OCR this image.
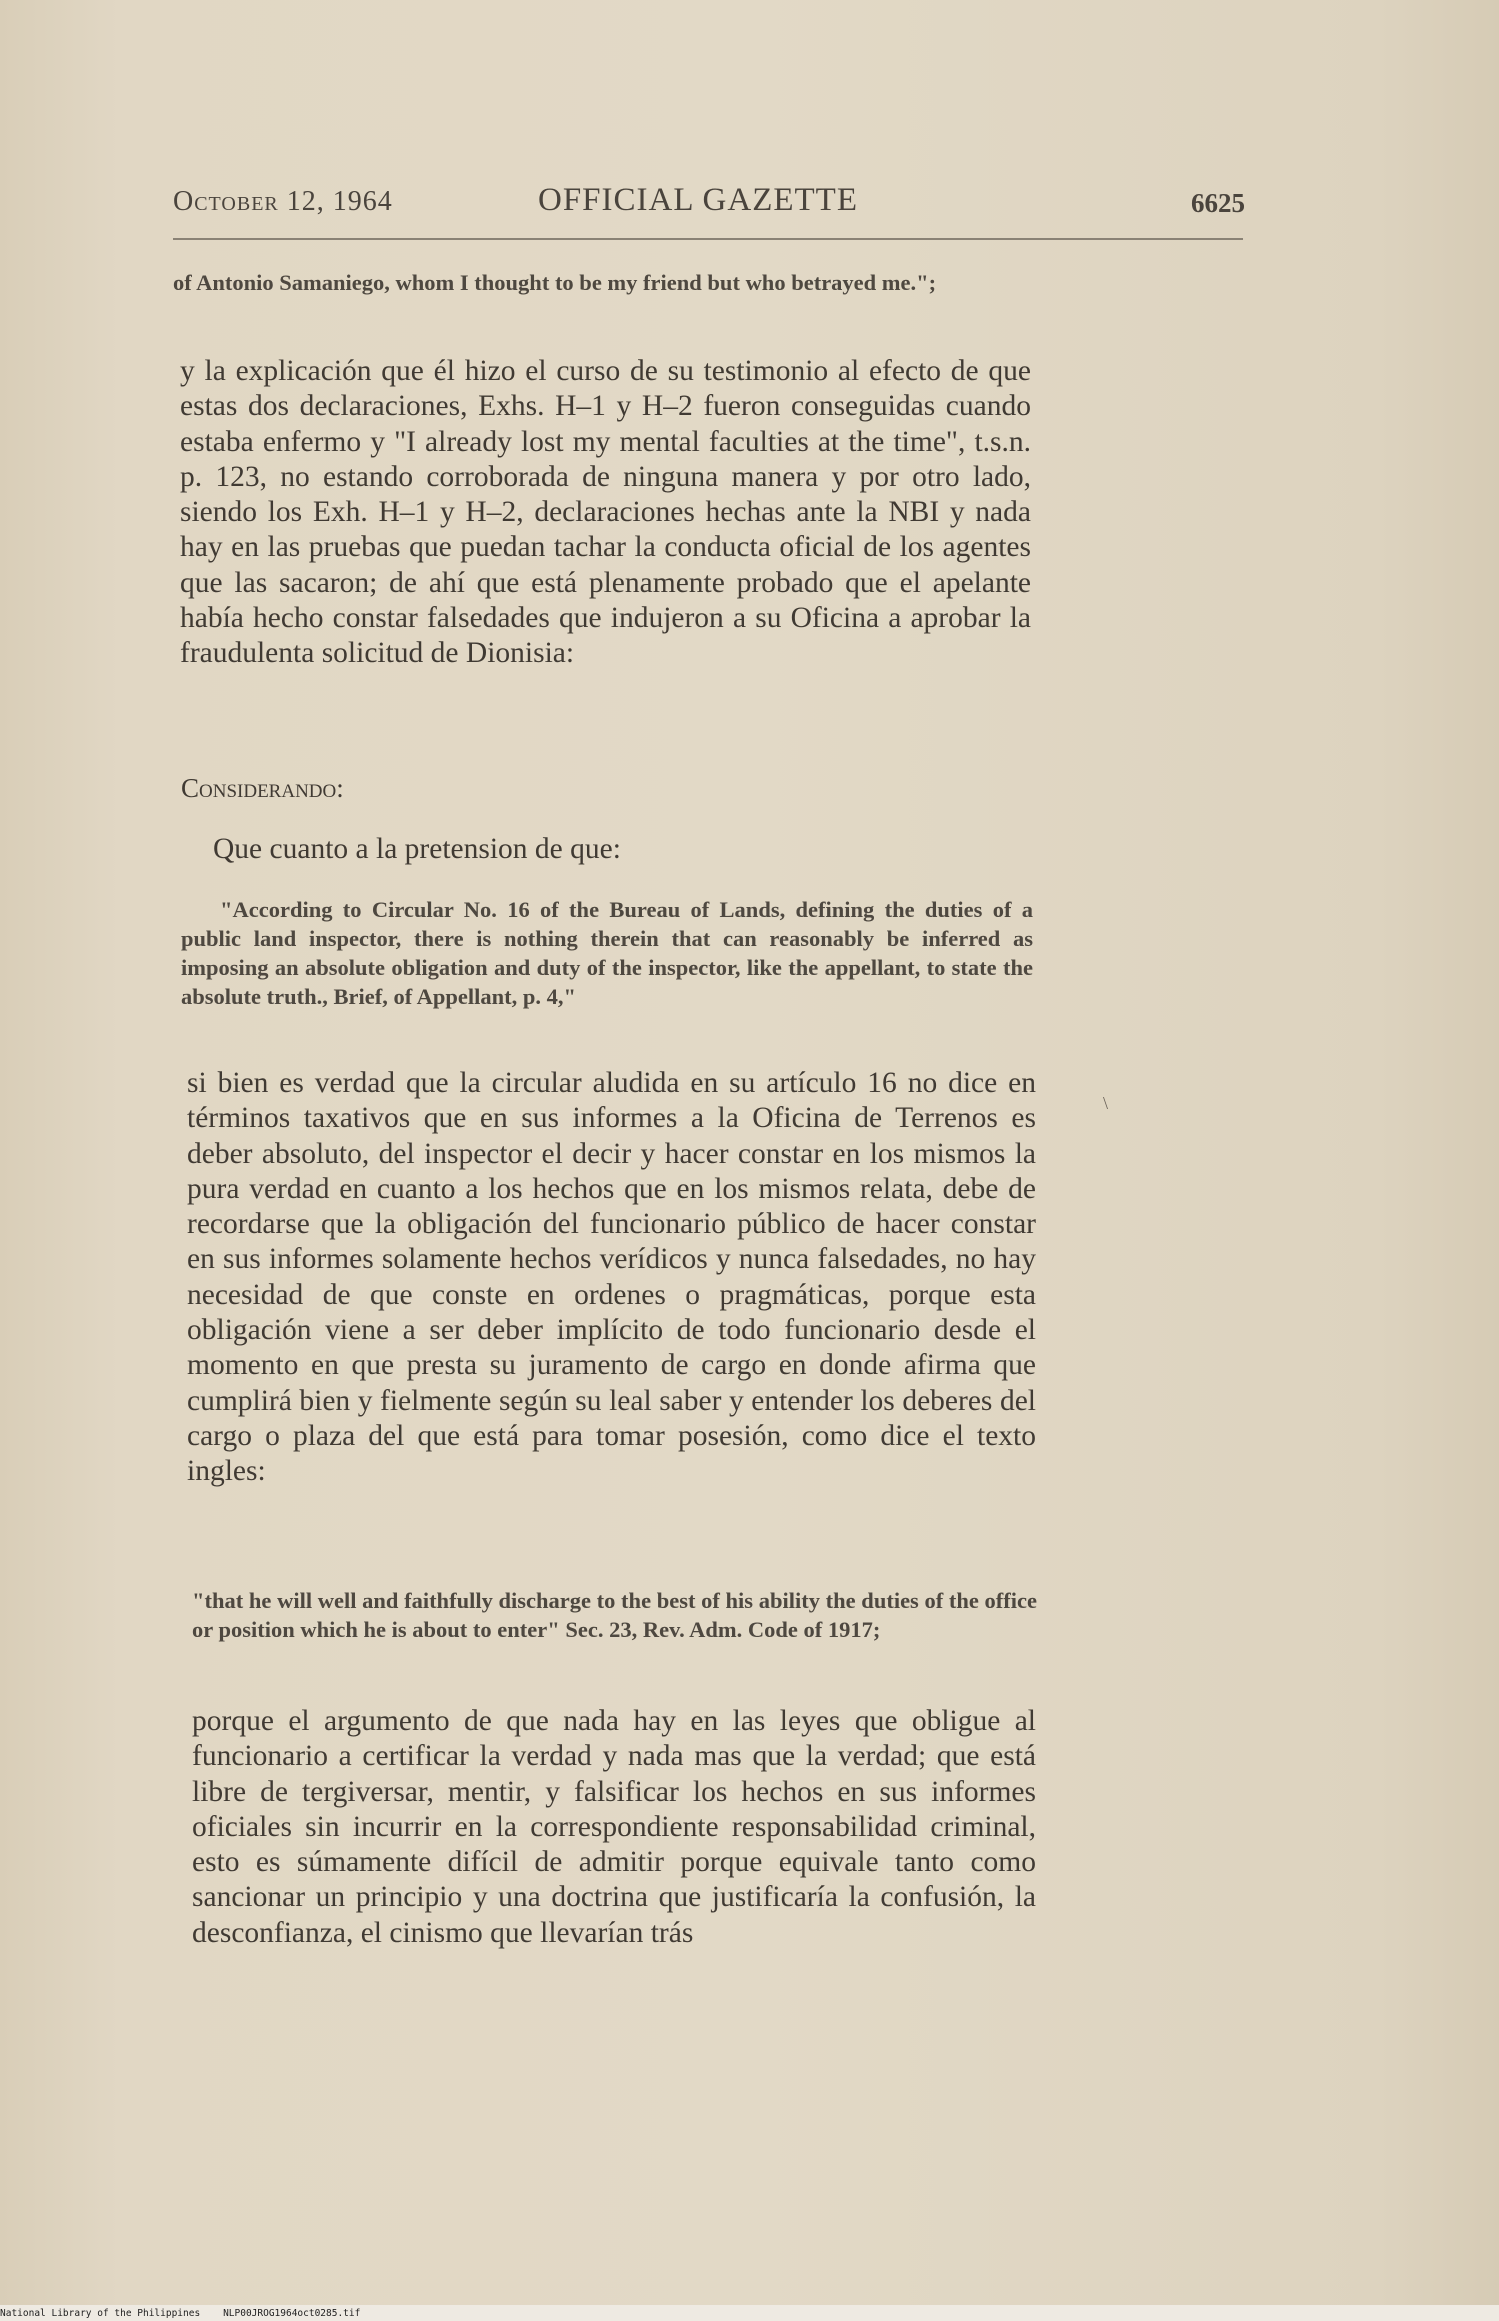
October 12, 1964	OFFICIAL GAZETTE	6625

of Antonio Samaniego, whom I thought to be my friend but who betrayed me.";

y la explicación que él hizo el curso de su testimonio al efecto de que estas dos declaraciones, Exhs. H–1 y H–2 fueron conseguidas cuando estaba enfermo y "I already lost my mental faculties at the time", t.s.n. p. 123, no estando corroborada de ninguna manera y por otro lado, siendo los Exh. H–1 y H–2, declaraciones hechas ante la NBI y nada hay en las pruebas que puedan tachar la conducta oficial de los agentes que las sacaron; de ahí que está plenamente probado que el apelante había hecho constar falsedades que indujeron a su Oficina a aprobar la fraudulenta solicitud de Dionisia:

Considerando:
Que cuanto a la pretension de que:

"According to Circular No. 16 of the Bureau of Lands, defining the duties of a public land inspector, there is nothing therein that can reasonably be inferred as imposing an absolute obligation and duty of the inspector, like the appellant, to state the absolute truth., Brief, of Appellant, p. 4,"

si bien es verdad que la circular aludida en su artículo 16 no dice en términos taxativos que en sus informes a la Oficina de Terrenos es deber absoluto, del inspector el decir y hacer constar en los mismos la pura verdad en cuanto a los hechos que en los mismos relata, debe de recordarse que la obligación del funcionario público de hacer constar en sus informes solamente hechos verídicos y nunca falsedades, no hay necesidad de que conste en ordenes o pragmáticas, porque esta obligación viene a ser deber implícito de todo funcionario desde el momento en que presta su juramento de cargo en donde afirma que cumplirá bien y fielmente según su leal saber y entender los deberes del cargo o plaza del que está para tomar posesión, como dice el texto ingles:

"that he will well and faithfully discharge to the best of his ability the duties of the office or position which he is about to enter" Sec. 23, Rev. Adm. Code of 1917;

porque el argumento de que nada hay en las leyes que obligue al funcionario a certificar la verdad y nada mas que la verdad; que está libre de tergiversar, mentir, y falsificar los hechos en sus informes oficiales sin incurrir en la correspondiente responsabilidad criminal, esto es súmamente difícil de admitir porque equivale tanto como sancionar un principio y una doctrina que justificaría la confusión, la desconfianza, el cinismo que llevarían trás

\
National Library of the Philippines NLP00JROG1964oct0285.tif
